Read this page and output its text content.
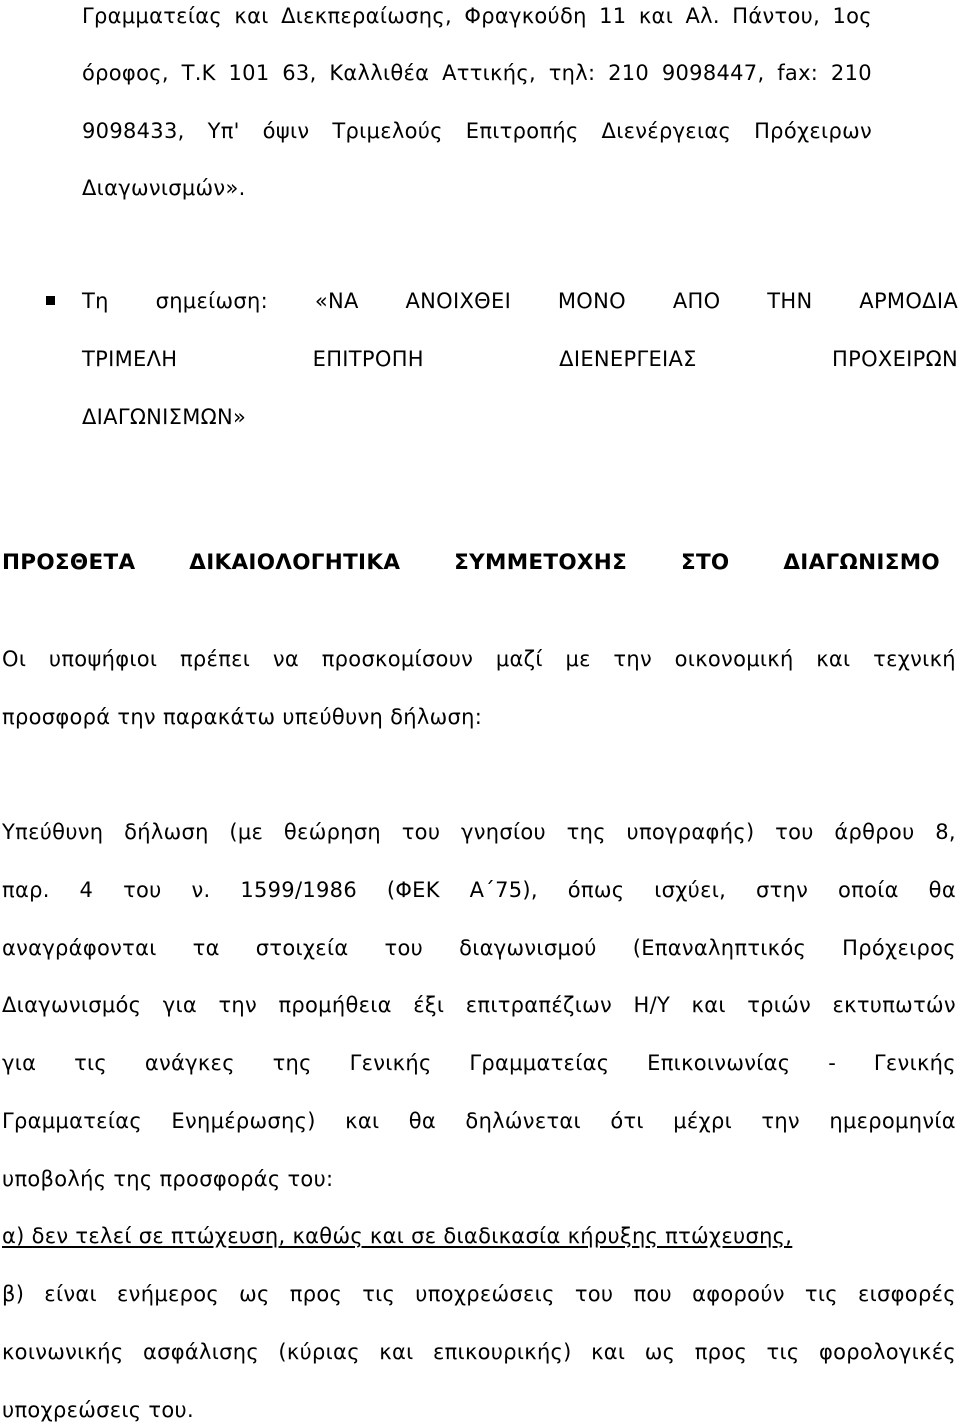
Γραμματείας και Διεκπεραίωσης, Φραγκούδη 11 και Αλ. Πάντου, 1ος
όροφος, Τ.Κ 101 63, Καλλιθέα Αττικής, τηλ: 210 9098447, fax: 210
9098433, Υπ' όψιν Τριμελούς Επιτροπής Διενέργειας Πρόχειρων
Διαγωνισμών».
Τη σημείωση: «ΝΑ ΑΝΟΙΧΘΕΙ ΜΟΝΟ ΑΠΟ ΤΗΝ ΑΡΜΟΔΙΑ
ΤΡΙΜΕΛΗ	ΕΠΙΤΡΟΠΗ	ΔΙΕΝΕΡΓΕΙΑΣ	ΠΡΟΧΕΙΡΩΝ
ΔΙΑΓΩΝΙΣΜΩΝ»
ΠΡΟΣΘΕΤΑ	ΔΙΚΑΙΟΛΟΓΗΤΙΚΑ	ΣΥΜΜΕΤΟΧΗΣ	ΣΤΟ	ΔΙΑΓΩΝΙΣΜΟ
Οι υποψήφιοι πρέπει να προσκομίσουν μαζί με την οικονομική και τεχνική
προσφορά την παρακάτω υπεύθυνη δήλωση:
Υπεύθυνη δήλωση (με θεώρηση του γνησίου της υπογραφής) του άρθρου 8,
παρ. 4 του ν. 1599/1986 (ΦΕΚ Α΄75), όπως ισχύει, στην οποία θα
αναγράφονται τα στοιχεία του διαγωνισμού (Επαναληπτικός Πρόχειρος
Διαγωνισμός για την προμήθεια έξι επιτραπέζιων Η/Υ και τριών εκτυπωτών
για τις ανάγκες της Γενικής Γραμματείας Επικοινωνίας - Γενικής
Γραμματείας Ενημέρωσης) και θα δηλώνεται ότι μέχρι την ημερομηνία
υποβολής της προσφοράς του:
α) δεν τελεί σε πτώχευση, καθώς και σε διαδικασία κήρυξης πτώχευσης,
β) είναι ενήμερος ως προς τις υποχρεώσεις του που αφορούν τις εισφορές
κοινωνικής ασφάλισης (κύριας και επικουρικής) και ως προς τις φορολογικές
υποχρεώσεις του.
